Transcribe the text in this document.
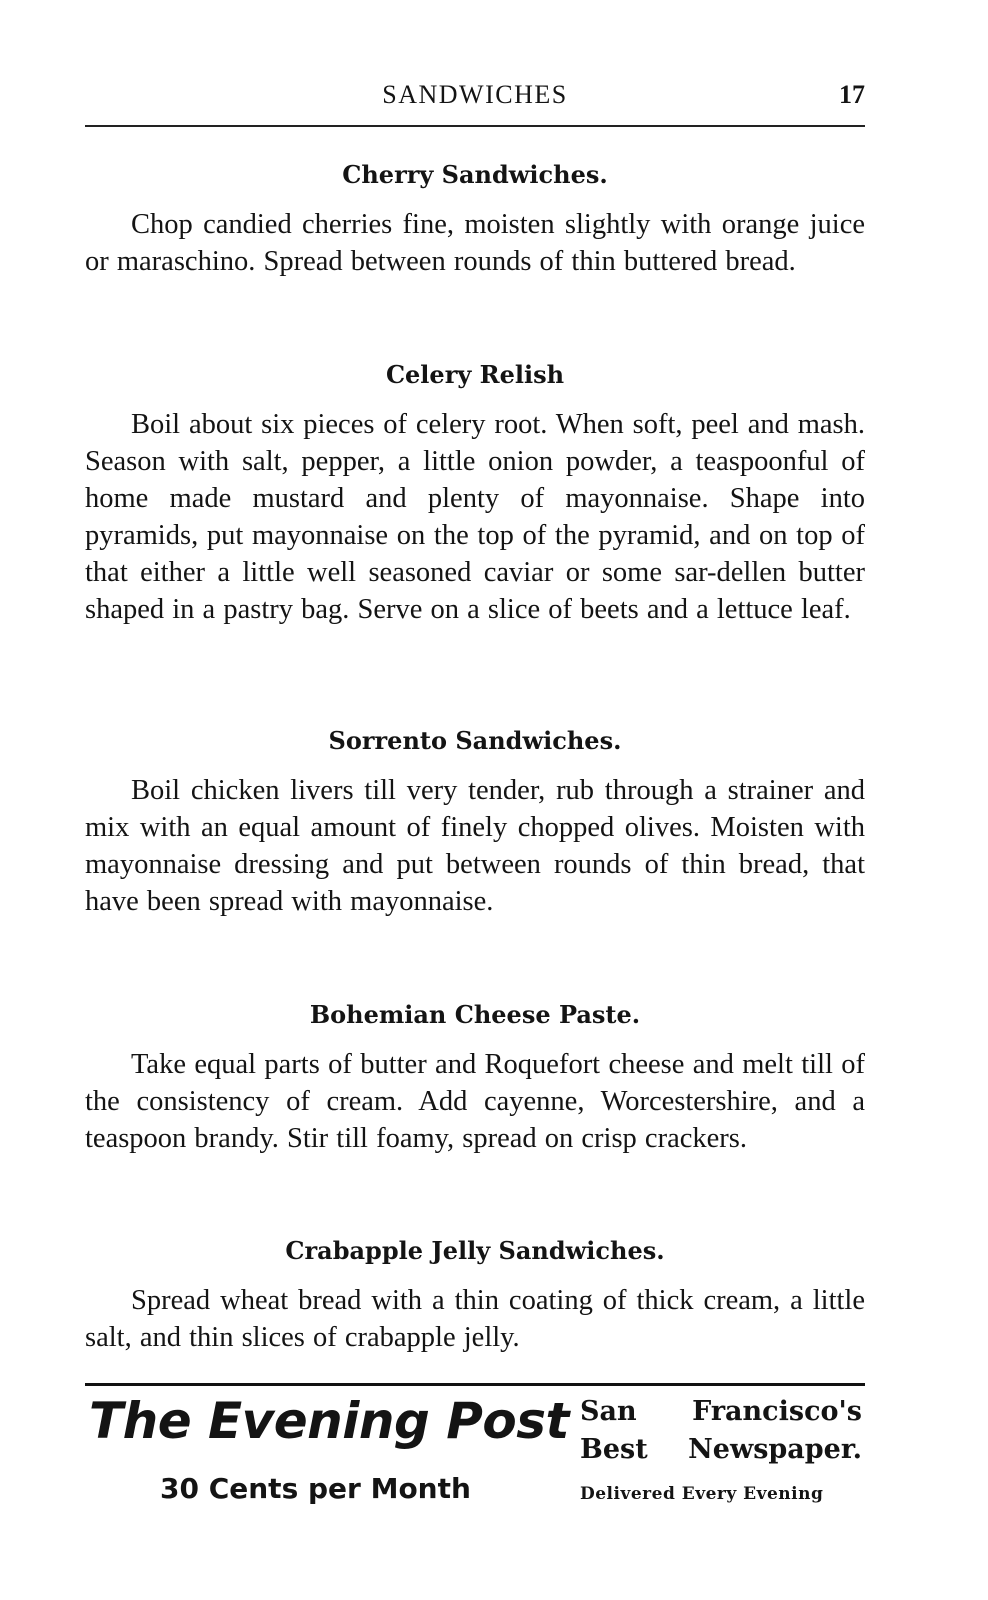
SANDWICHES	17
Cherry Sandwiches.

Chop candied cherries fine, moisten slightly with orange juice or maraschino. Spread between rounds of thin buttered bread.

Celery Relish

Boil about six pieces of celery root. When soft, peel and mash. Season with salt, pepper, a little onion powder, a teaspoonful of home made mustard and plenty of mayonnaise. Shape into pyramids, put mayonnaise on the top of the pyramid, and on top of that either a little well seasoned caviar or some sar-dellen butter shaped in a pastry bag. Serve on a slice of beets and a lettuce leaf.

Sorrento Sandwiches.

Boil chicken livers till very tender, rub through a strainer and mix with an equal amount of finely chopped olives. Moisten with mayonnaise dressing and put between rounds of thin bread, that have been spread with mayonnaise.

Bohemian Cheese Paste.

Take equal parts of butter and Roquefort cheese and melt till of the consistency of cream. Add cayenne, Worcestershire, and a teaspoon brandy. Stir till foamy, spread on crisp crackers.

Crabapple Jelly Sandwiches.

Spread wheat bread with a thin coating of thick cream, a little salt, and thin slices of crabapple jelly.

The Evening Post
30 Cents per Month
San Francisco's
Best Newspaper.
Delivered Every Evening
